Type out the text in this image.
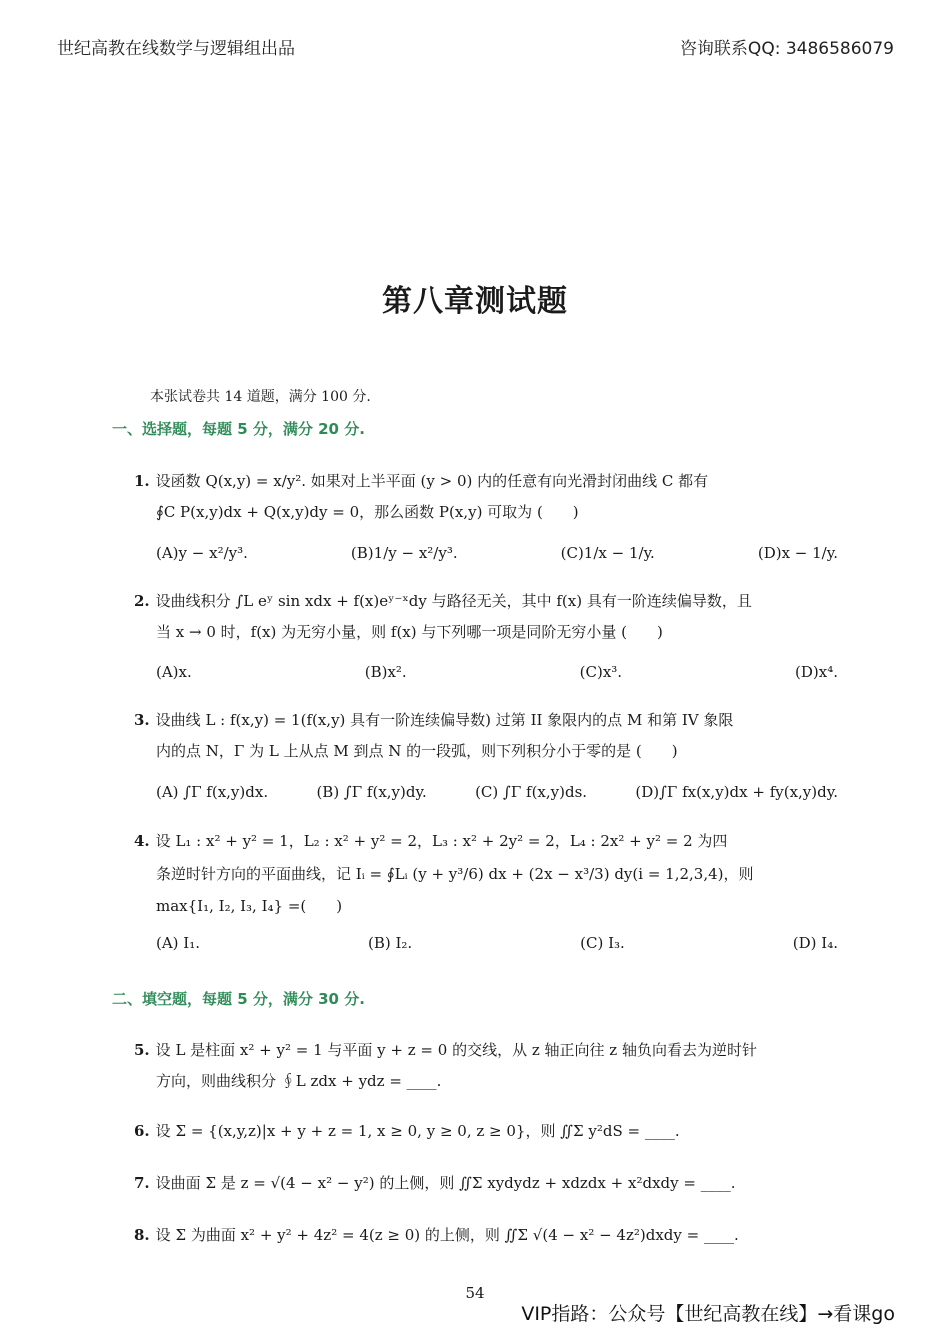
世纪高教在线数学与逻辑组出品	咨询联系QQ: 3486586079
第八章测试题
本张试卷共 14 道题，满分 100 分.
一、选择题，每题 5 分，满分 20 分.
1. 设函数 Q(x,y) = x/y². 如果对上半平面 (y > 0) 内的任意有向光滑封闭曲线 C 都有
∮C P(x,y)dx + Q(x,y)dy = 0，那么函数 P(x,y) 可取为 (　　)
(A)y − x²/y³.	(B)1/y − x²/y³.	(C)1/x − 1/y.	(D)x − 1/y.
2. 设曲线积分 ∫L eʸ sin xdx + f(x)eʸ⁻ˣdy 与路径无关，其中 f(x) 具有一阶连续偏导数，且
当 x → 0 时，f(x) 为无穷小量，则 f(x) 与下列哪一项是同阶无穷小量 (　　)
(A)x.	(B)x².	(C)x³.	(D)x⁴.
3. 设曲线 L : f(x,y) = 1(f(x,y) 具有一阶连续偏导数) 过第 II 象限内的点 M 和第 IV 象限
内的点 N，Γ 为 L 上从点 M 到点 N 的一段弧，则下列积分小于零的是 (　　)
(A) ∫Γ f(x,y)dx.	(B) ∫Γ f(x,y)dy.	(C) ∫Γ f(x,y)ds.	(D)∫Γ fx(x,y)dx + fy(x,y)dy.
4. 设 L₁ : x² + y² = 1，L₂ : x² + y² = 2，L₃ : x² + 2y² = 2，L₄ : 2x² + y² = 2 为四
条逆时针方向的平面曲线，记 Iᵢ = ∮Lᵢ (y + y³/6) dx + (2x − x³/3) dy(i = 1,2,3,4)，则
max{I₁, I₂, I₃, I₄} =(　　)
(A) I₁.	(B) I₂.	(C) I₃.	(D) I₄.
二、填空题，每题 5 分，满分 30 分.
5. 设 L 是柱面 x² + y² = 1 与平面 y + z = 0 的交线，从 z 轴正向往 z 轴负向看去为逆时针
方向，则曲线积分 ∮L zdx + ydz = ____.
6. 设 Σ = {(x,y,z)|x + y + z = 1, x ≥ 0, y ≥ 0, z ≥ 0}，则 ∬Σ y²dS = ____.
7. 设曲面 Σ 是 z = √(4 − x² − y²) 的上侧，则 ∬Σ xydydz + xdzdx + x²dxdy = ____.
8. 设 Σ 为曲面 x² + y² + 4z² = 4(z ≥ 0) 的上侧，则 ∬Σ √(4 − x² − 4z²)dxdy = ____.
54
VIP指路：公众号【世纪高教在线】→看课go
